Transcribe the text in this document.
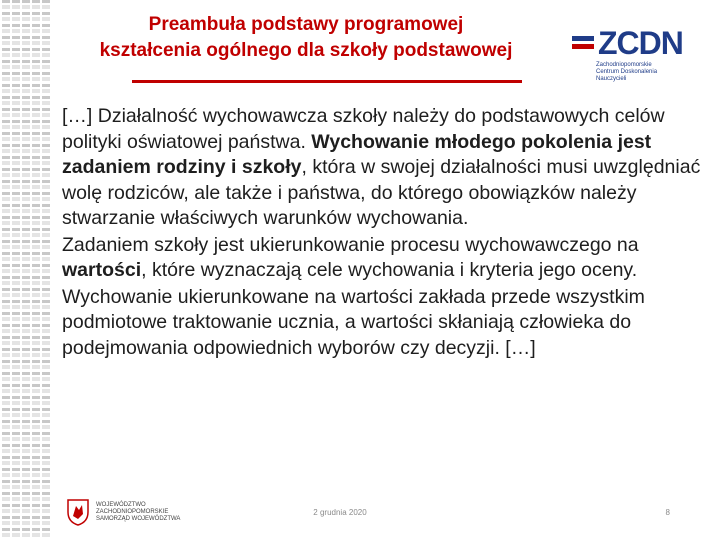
Preambuła podstawy programowej
kształcenia ogólnego dla szkoły podstawowej	ZCDN
Zachodniopomorskie
Centrum Doskonalenia Nauczycieli

[…] Działalność wychowawcza szkoły należy do podstawowych celów polityki oświatowej państwa. Wychowanie młodego pokolenia jest zadaniem rodziny i szkoły, która w swojej działalności musi uwzględniać wolę rodziców, ale także i państwa, do którego obowiązków należy stwarzanie właściwych warunków wychowania.

Zadaniem szkoły jest ukierunkowanie procesu wychowawczego na wartości, które wyznaczają cele wychowania i kryteria jego oceny.

Wychowanie ukierunkowane na wartości zakłada przede wszystkim podmiotowe traktowanie ucznia, a wartości skłaniają człowieka do podejmowania odpowiednich wyborów czy decyzji. […]

WOJEWÓDZTWO ZACHODNIOPOMORSKIE
SAMORZĄD WOJEWÓDZTWA
2 grudnia 2020	8
